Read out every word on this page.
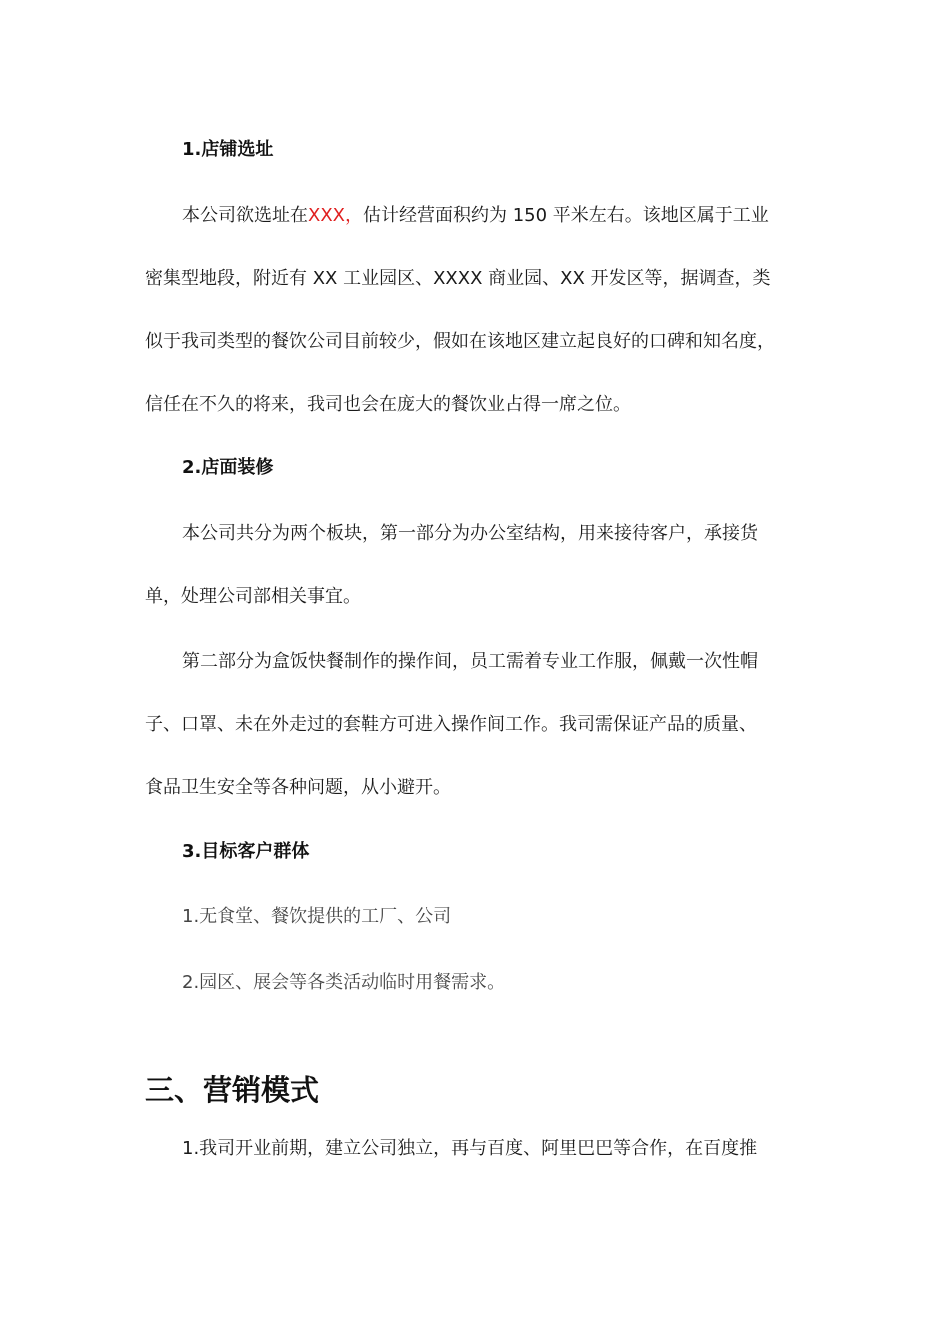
1.店铺选址
本公司欲选址在XXX，估计经营面积约为 150 平米左右。该地区属于工业
密集型地段，附近有 XX 工业园区、XXXX 商业园、XX 开发区等，据调查，类
似于我司类型的餐饮公司目前较少，假如在该地区建立起良好的口碑和知名度，
信任在不久的将来，我司也会在庞大的餐饮业占得一席之位。
2.店面装修
本公司共分为两个板块，第一部分为办公室结构，用来接待客户，承接货
单，处理公司部相关事宜。
第二部分为盒饭快餐制作的操作间，员工需着专业工作服，佩戴一次性帽
子、口罩、未在外走过的套鞋方可进入操作间工作。我司需保证产品的质量、
食品卫生安全等各种问题，从小避开。
3.目标客户群体
1.无食堂、餐饮提供的工厂、公司
2.园区、展会等各类活动临时用餐需求。
三、营销模式
1.我司开业前期，建立公司独立，再与百度、阿里巴巴等合作，在百度推
